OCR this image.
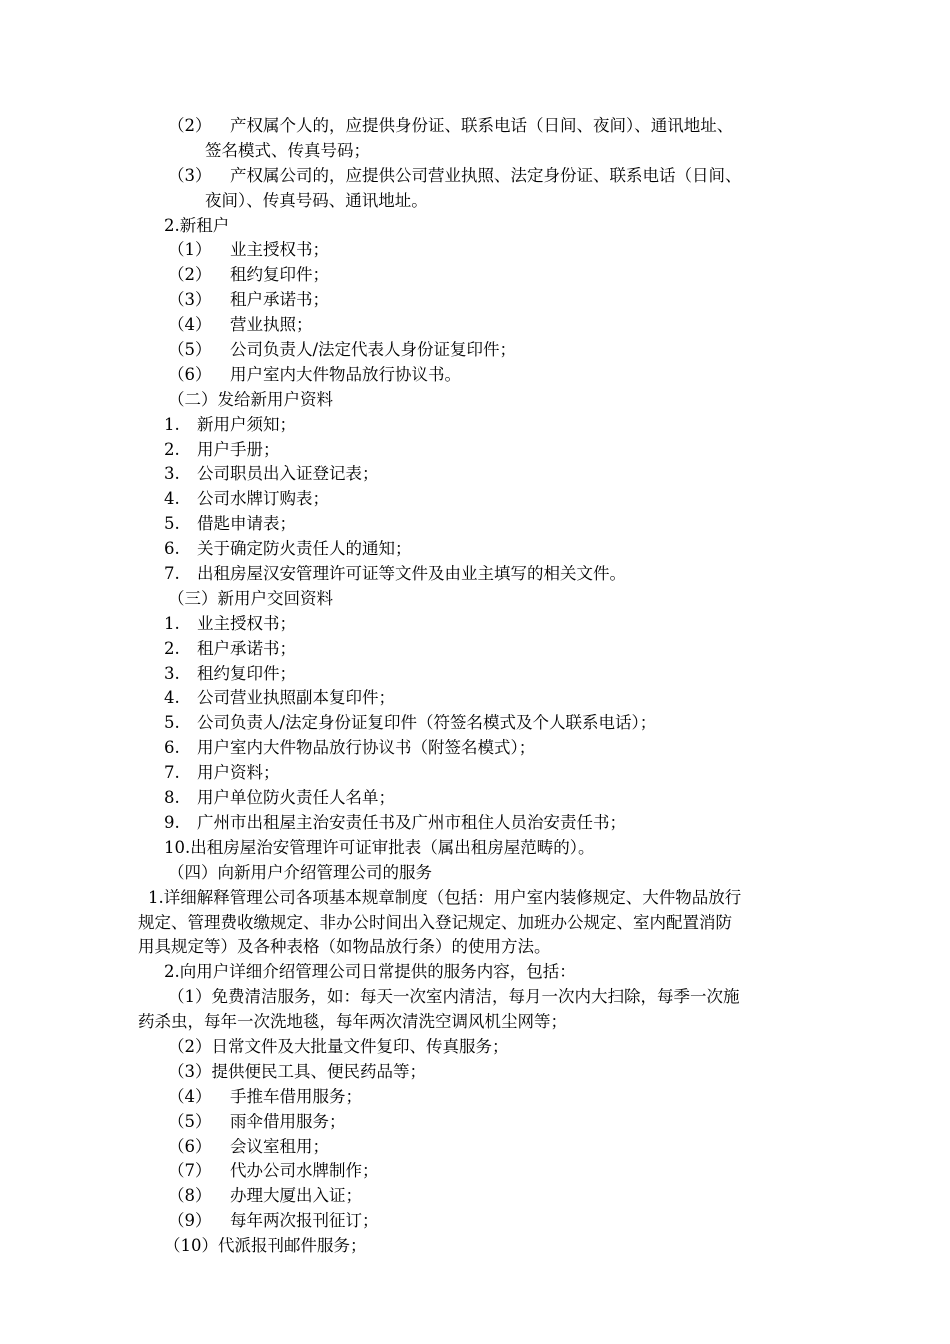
（2） 产权属个人的，应提供身份证、联系电话（日间、夜间）、通讯地址、
签名模式、传真号码；
（3） 产权属公司的，应提供公司营业执照、法定身份证、联系电话（日间、
夜间）、传真号码、通讯地址。
2.新租户
（1） 业主授权书；
（2） 租约复印件；
（3） 租户承诺书；
（4） 营业执照；
（5） 公司负责人/法定代表人身份证复印件；
（6） 用户室内大件物品放行协议书。
（二）发给新用户资料
1. 新用户须知；
2. 用户手册；
3. 公司职员出入证登记表；
4. 公司水牌订购表；
5. 借匙申请表；
6. 关于确定防火责任人的通知；
7. 出租房屋汉安管理许可证等文件及由业主填写的相关文件。
（三）新用户交回资料
1. 业主授权书；
2. 租户承诺书；
3. 租约复印件；
4. 公司营业执照副本复印件；
5. 公司负责人/法定身份证复印件（符签名模式及个人联系电话）；
6. 用户室内大件物品放行协议书（附签名模式）；
7. 用户资料；
8. 用户单位防火责任人名单；
9. 广州市出租屋主治安责任书及广州市租住人员治安责任书；
10.出租房屋治安管理许可证审批表（属出租房屋范畴的）。
（四）向新用户介绍管理公司的服务
1.详细解释管理公司各项基本规章制度（包括：用户室内装修规定、大件物品放行
规定、管理费收缴规定、非办公时间出入登记规定、加班办公规定、室内配置消防
用具规定等）及各种表格（如物品放行条）的使用方法。
2.向用户详细介绍管理公司日常提供的服务内容，包括：
（1）免费清洁服务，如：每天一次室内清洁，每月一次内大扫除，每季一次施
药杀虫，每年一次洗地毯，每年两次清洗空调风机尘网等；
（2）日常文件及大批量文件复印、传真服务；
（3）提供便民工具、便民药品等；
（4） 手推车借用服务；
（5） 雨伞借用服务；
（6） 会议室租用；
（7） 代办公司水牌制作；
（8） 办理大厦出入证；
（9） 每年两次报刊征订；
（10）代派报刊邮件服务；
